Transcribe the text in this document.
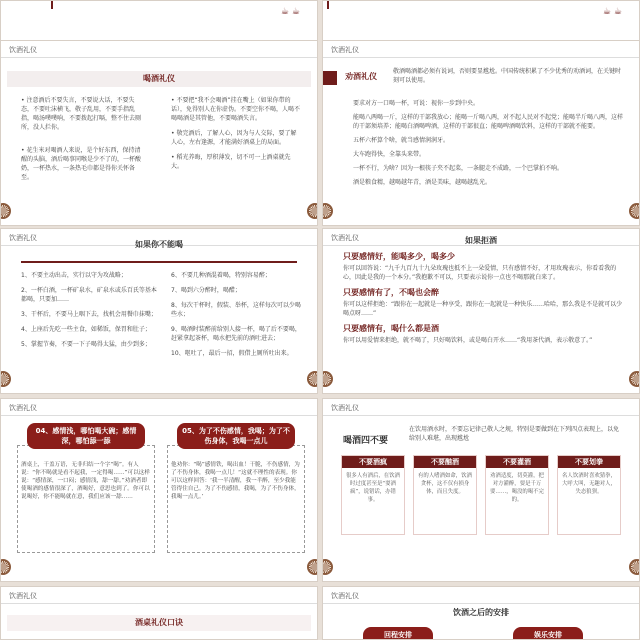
☕☕	☕☕
饮酒礼仪
喝酒礼仪
• 注意酒后不要失言，不要说大话，不要失态，不要吐沫横飞，敬子乱用，不要手指乱指，喝汤噗噗响，不要拨起打嗝，整不住去厕所，没人拦你。
• 花生米对喝酒人来说，是个好东西，保持清醒的头脑，酒后喝事同喉是少不了的，一杯酸奶，一杯热水，一条热毛巾都是得你关怀备至。
• 不要把“我不会喝酒”挂在嘴上（如果你带的话），免得别人在你虚伪。不要空你不喝，人喝不喝喝酒是其管他，不要喝酒失言。
• 敬完酒后，了解人心，因为与人交际，要了解人心，左右逢源，才能满好酒桌上的局面。
• 稻光养晦，厚积薄发，切不可一上酒桌就先大。
饮酒礼仪
劝酒礼仪
敬酒喝酒都必须有说词，否则要显尴尬。中国传统积累了不少优秀的劝酒词，在关键时刻可以使用。
要求对方一口喝一杯，可说：视你一步到中央。
能喝八两喝一斤，这样的干部我放心；能喝一斤喝八两，对不起人民对不起党；能喝半斤喝八两，这样的干部须培养；能喝白酒喝啤酒，这样的干部很直；能喝啤酒喝饮料，这样的干部就不能要。
五杯六杯算个啥，就当感情润润牙。
大车跑得快，全靠头来带。
一杯不行，为啥？因为一根筷子夹不起菜，一条腿走不成路，一个巴掌拍不响。
酒是粮食精，越喝越年青，酒是美味，越喝越乱光。
饮酒礼仪
如果你不能喝
1、不要主动出击，实行以守为攻战略；
2、一杯白酒，一杯矿泉水，矿泉水或乐百氏等基本都喝，只要加……
3、干杯后，不要马上咽下去，找机会用餐巾抹嘴；
4、上座后先吃一些主食，如稀饭，保胃和肚子；
5、掌握节奏，不要一下子喝得太猛，由少到多；
6、不要几种酒混着喝，特别容易醉；
7、喝到六分醉时，喝醋；
8、每次干杯时，假装、举杯，这样每次可以少喝些水；
9、喝酒时装醉前给别人接一杯，喝了后不要喝，赶紧拿起茶杯，喝水把先前的酒吐进去；
10、呕吐了，最后一招，假借上厕所吐出来。
饮酒礼仪	如果拒酒
只要感情好，能喝多少，喝多少
你可以回答说：“九千九百九十九朵玫瑰也抵不上一朵爱情，只有感情不好，才用玫瑰表示，你看看我的心，因此是我的一个本分。”我抱歉不可以，只要表示说你一点也不喝那就白来了。
只要感情有了，不喝也会醉
你可以这样拒绝：“跟你在一起就是一种享受，跟你在一起就是一种快乐……哈哈，那么我是不是就可以少喝点呀……”
只要感情有，喝什么都是酒
你可以用爱情来拒绝，就不喝了，只好喝饮料，或是喝白开水……“我用茶代酒，表示敬意了。”
饮酒礼仪
酒桌上，干盖万语，无非归结一个字“喝”。有人说：“你不喝就是看不起我，一定得喝……”可以这样说：“感情深，一口闷；感情浅，舔一舔。”劝酒者即使喝酒的感情很深了，酒喝好，意思也到了。你可以说喝好，你不能喝就在意，我们应该一舔……
04、感情浅，哪怕喝大碗；感情深，哪怕舔一舔
他劝你：“喝”感情铁，喝出血！干脆，不伤感情，为了不伤身体，我喝一点儿！“这就不理性的表现。你可以这样回答：‘我一半清醒，我一半醉，至少我能管得住自己。为了不伤感情，我喝，为了不伤身体，我喝一点儿。’
05、为了不伤感情，我喝；为了不伤身体，我喝一点儿
饮酒礼仪
喝酒四不要
在饮用酒水时，不要忘记律己敬人之规，特别是要做到在下列四点表现上，以免给别人难堪，出现尴尬
不要酒疯
很多人有酒后，在饮酒时过度甚至是“耍酒疯”，说错话，办错事。
不要酗酒
有的人嗜酒如命，饮酒贪杯，这不仅有损身体，而且失度。
不要灌酒
劝酒适度，切莫灌，把对方灌醉，要是千万要……，喝没的喝不完的。
不要划拳
名人饮酒时喜欢猜拳，大呼大叫，无趣对人，失态狼狈。
饮酒礼仪
酒桌礼仪口诀
饮酒礼仪
饮酒之后的安排
回程安排	娱乐安排
